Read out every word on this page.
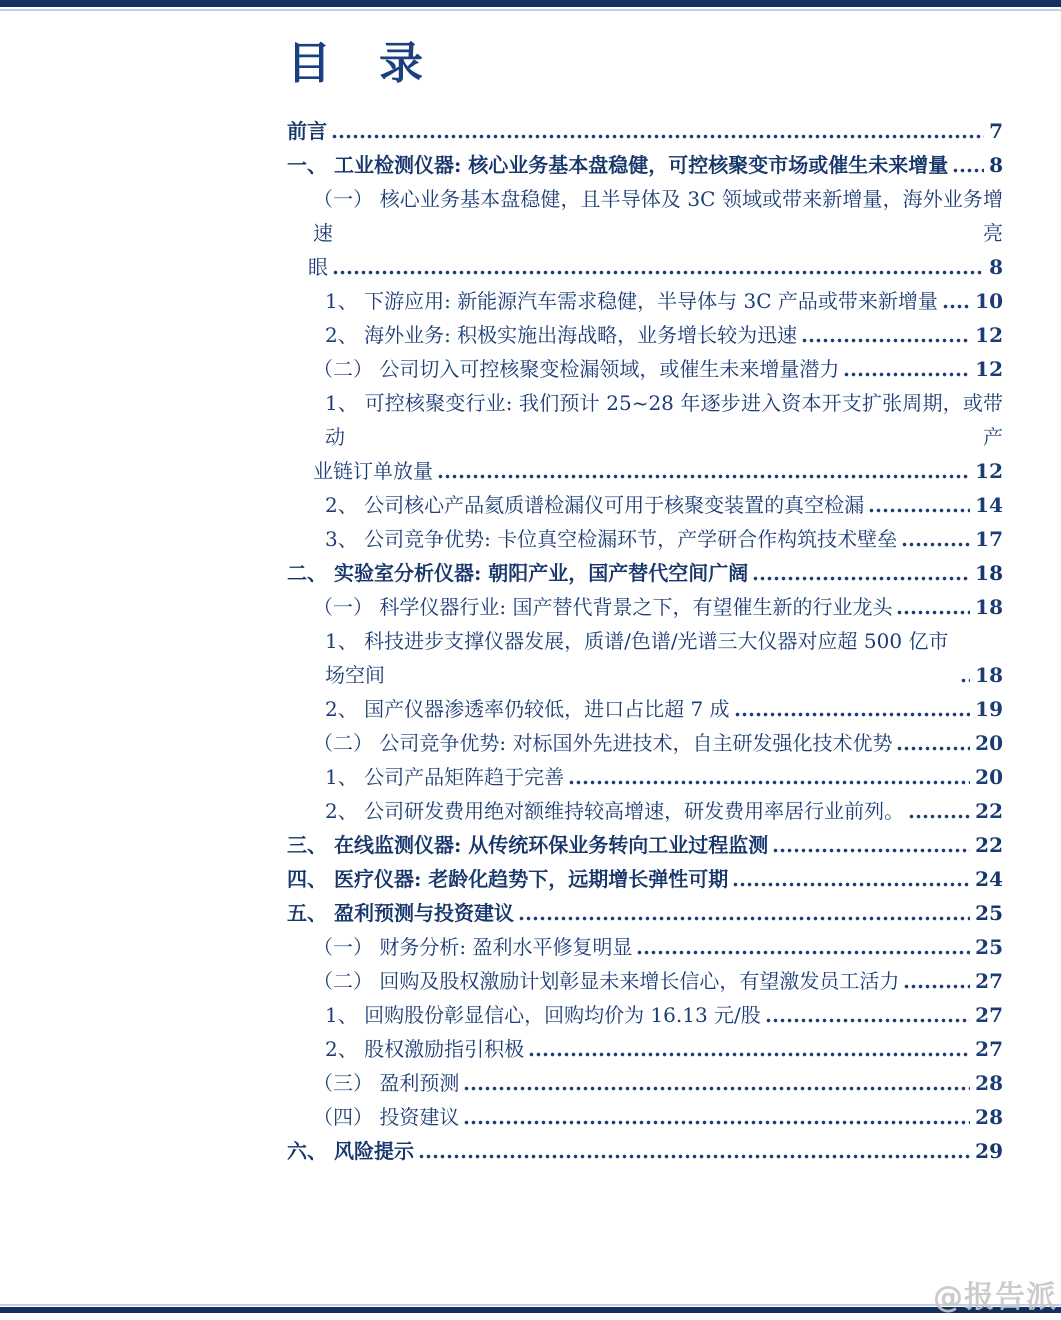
目　录
前言	7
一、 工业检测仪器: 核心业务基本盘稳健，可控核聚变市场或催生未来增量 8
（一） 核心业务基本盘稳健，且半导体及 3C 领域或带来新增量，海外业务增速亮
眼	8
1、 下游应用: 新能源汽车需求稳健，半导体与 3C 产品或带来新增量 10
2、 海外业务: 积极实施出海战略，业务增长较为迅速	12
（二） 公司切入可控核聚变检漏领域，或催生未来增量潜力	12
1、 可控核聚变行业: 我们预计 25~28 年逐步进入资本开支扩张周期，或带动产
业链订单放量	12
2、 公司核心产品氦质谱检漏仪可用于核聚变装置的真空检漏	14
3、 公司竞争优势: 卡位真空检漏环节，产学研合作构筑技术壁垒	17
二、 实验室分析仪器: 朝阳产业，国产替代空间广阔	18
（一） 科学仪器行业: 国产替代背景之下，有望催生新的行业龙头	18
1、 科技进步支撑仪器发展，质谱/色谱/光谱三大仪器对应超 500 亿市场空间	18
2、 国产仪器渗透率仍较低，进口占比超 7 成	19
（二） 公司竞争优势: 对标国外先进技术，自主研发强化技术优势	20
1、 公司产品矩阵趋于完善	20
2、 公司研发费用绝对额维持较高增速，研发费用率居行业前列。	22
三、 在线监测仪器: 从传统环保业务转向工业过程监测	22
四、 医疗仪器: 老龄化趋势下，远期增长弹性可期	24
五、 盈利预测与投资建议	25
（一） 财务分析: 盈利水平修复明显	25
（二） 回购及股权激励计划彰显未来增长信心，有望激发员工活力	27
1、 回购股份彰显信心，回购均价为 16.13 元/股	27
2、 股权激励指引积极	27
（三） 盈利预测	28
（四） 投资建议	28
六、 风险提示	29
@报告派
